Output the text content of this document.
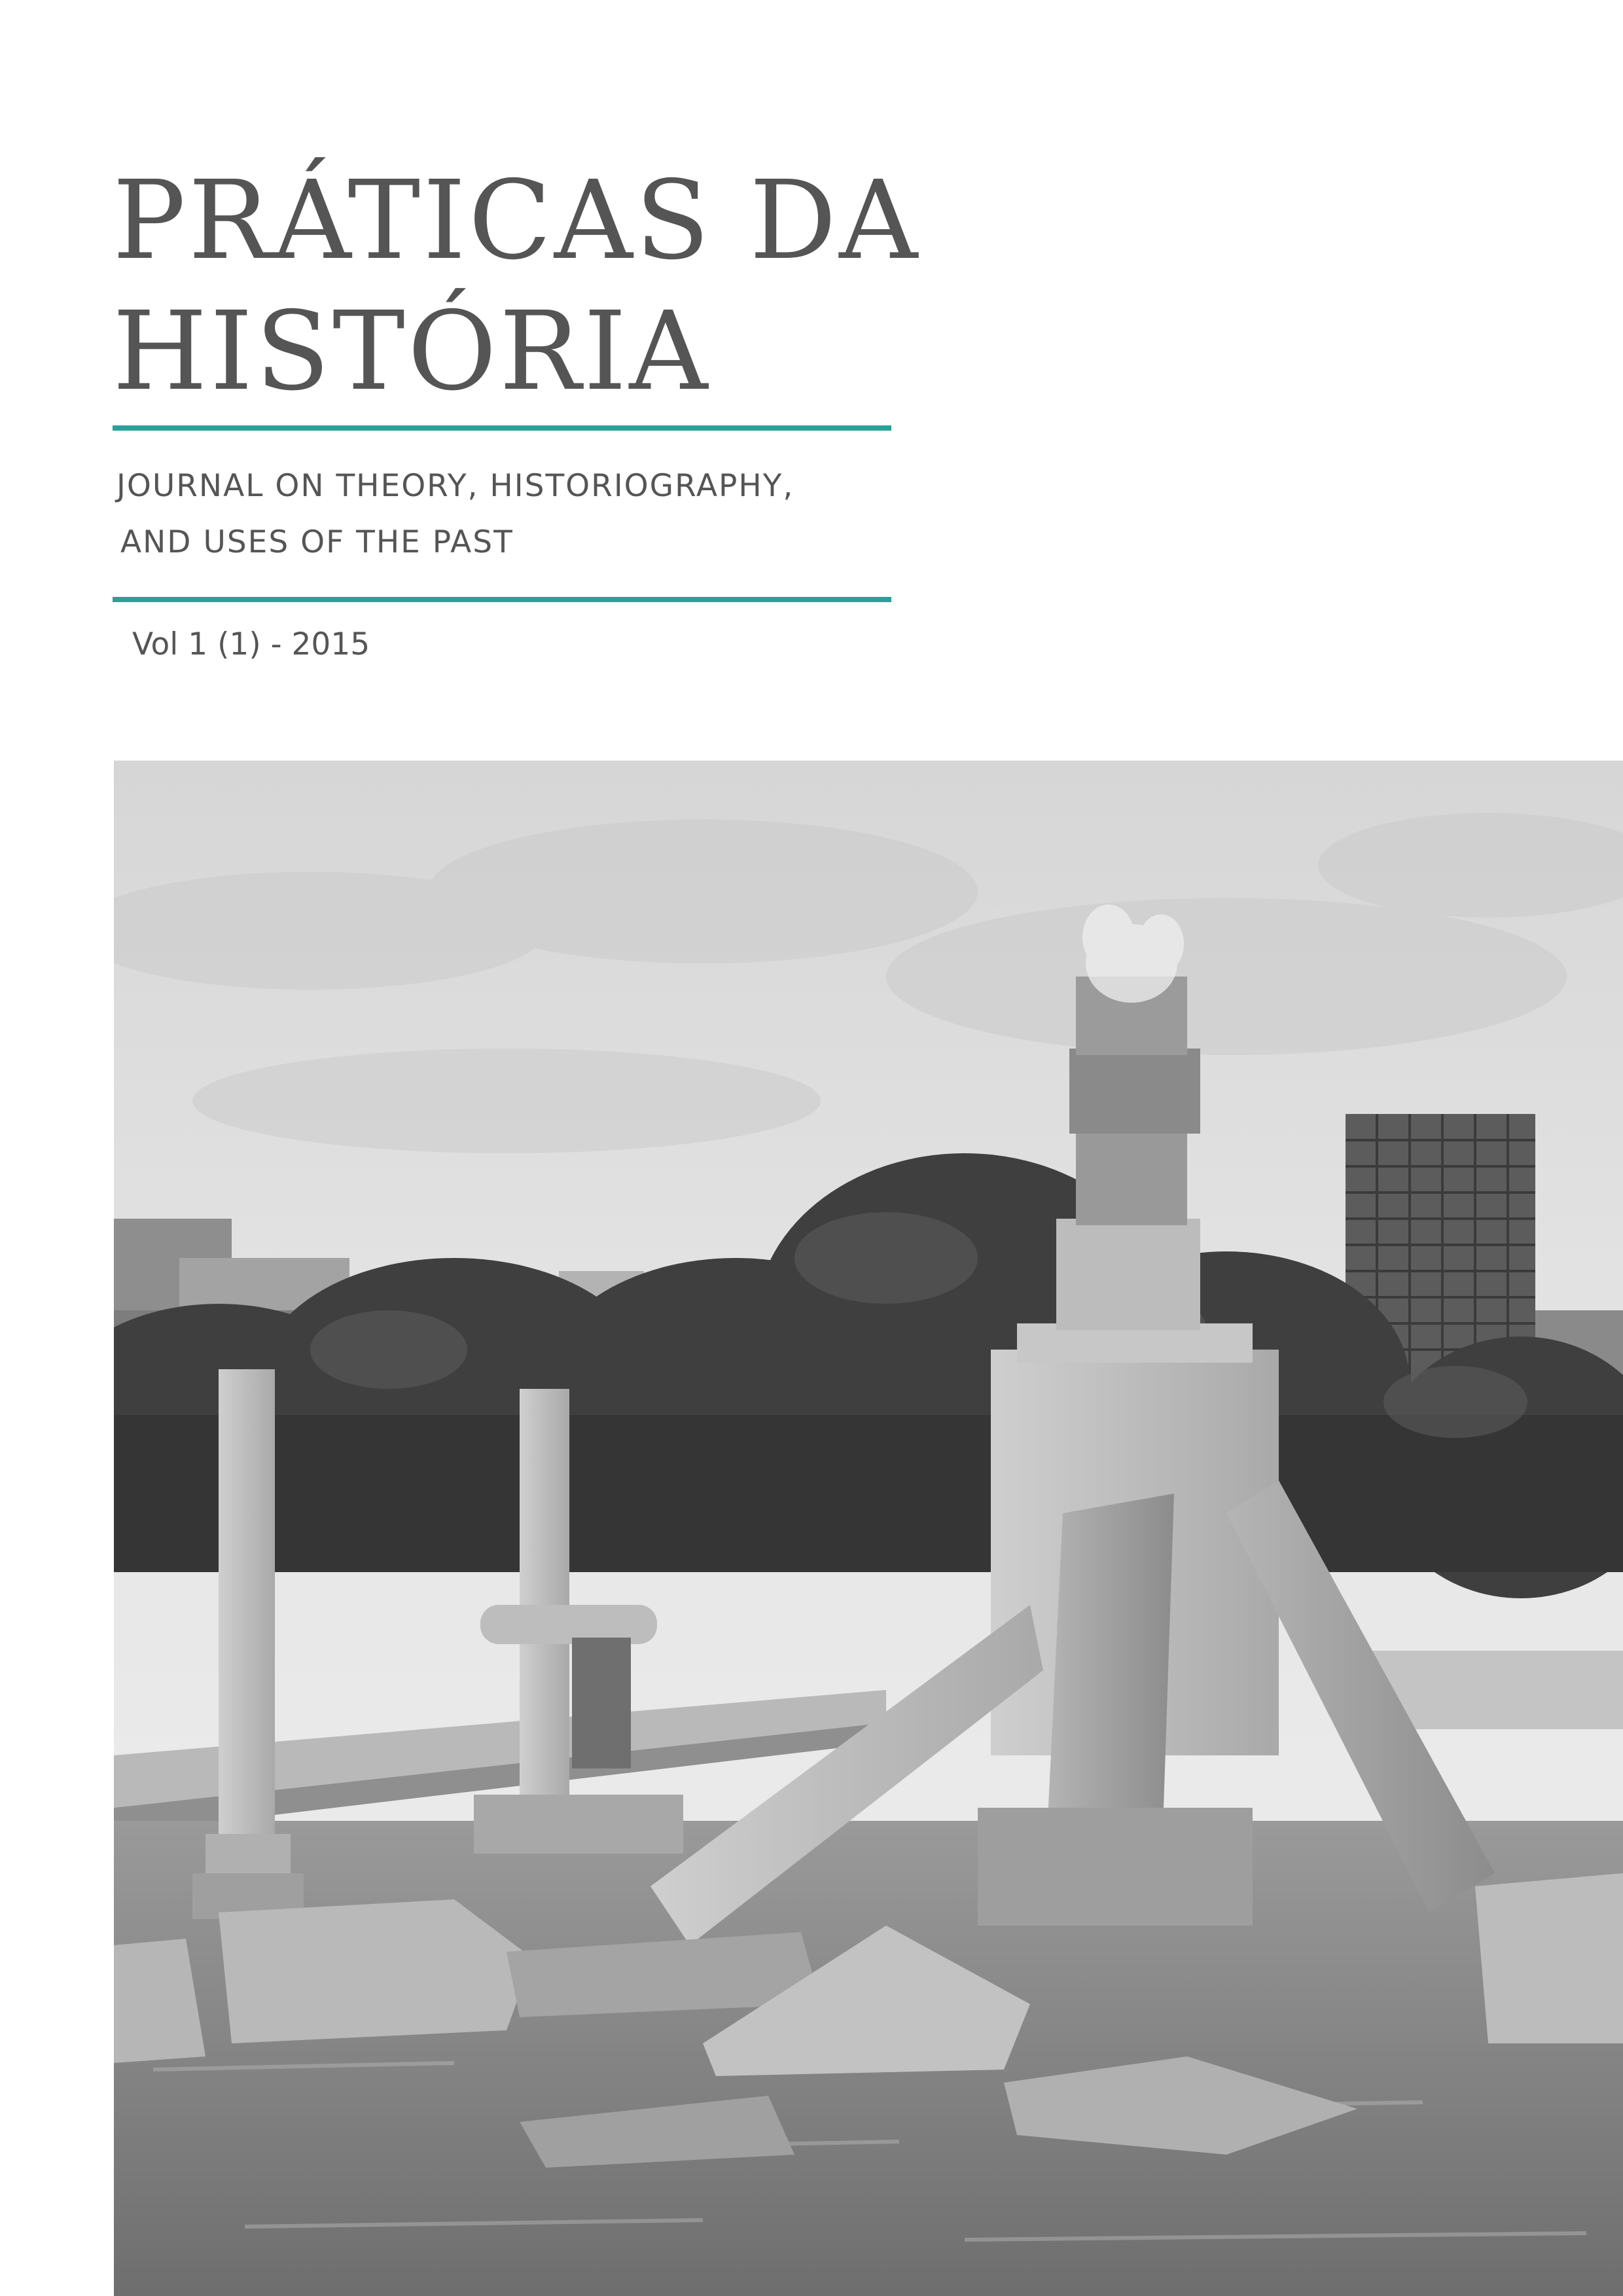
PRÁTICAS DA
HISTÓRIA
JOURNAL ON THEORY, HISTORIOGRAPHY,
AND USES OF THE PAST
Vol 1 (1) - 2015
